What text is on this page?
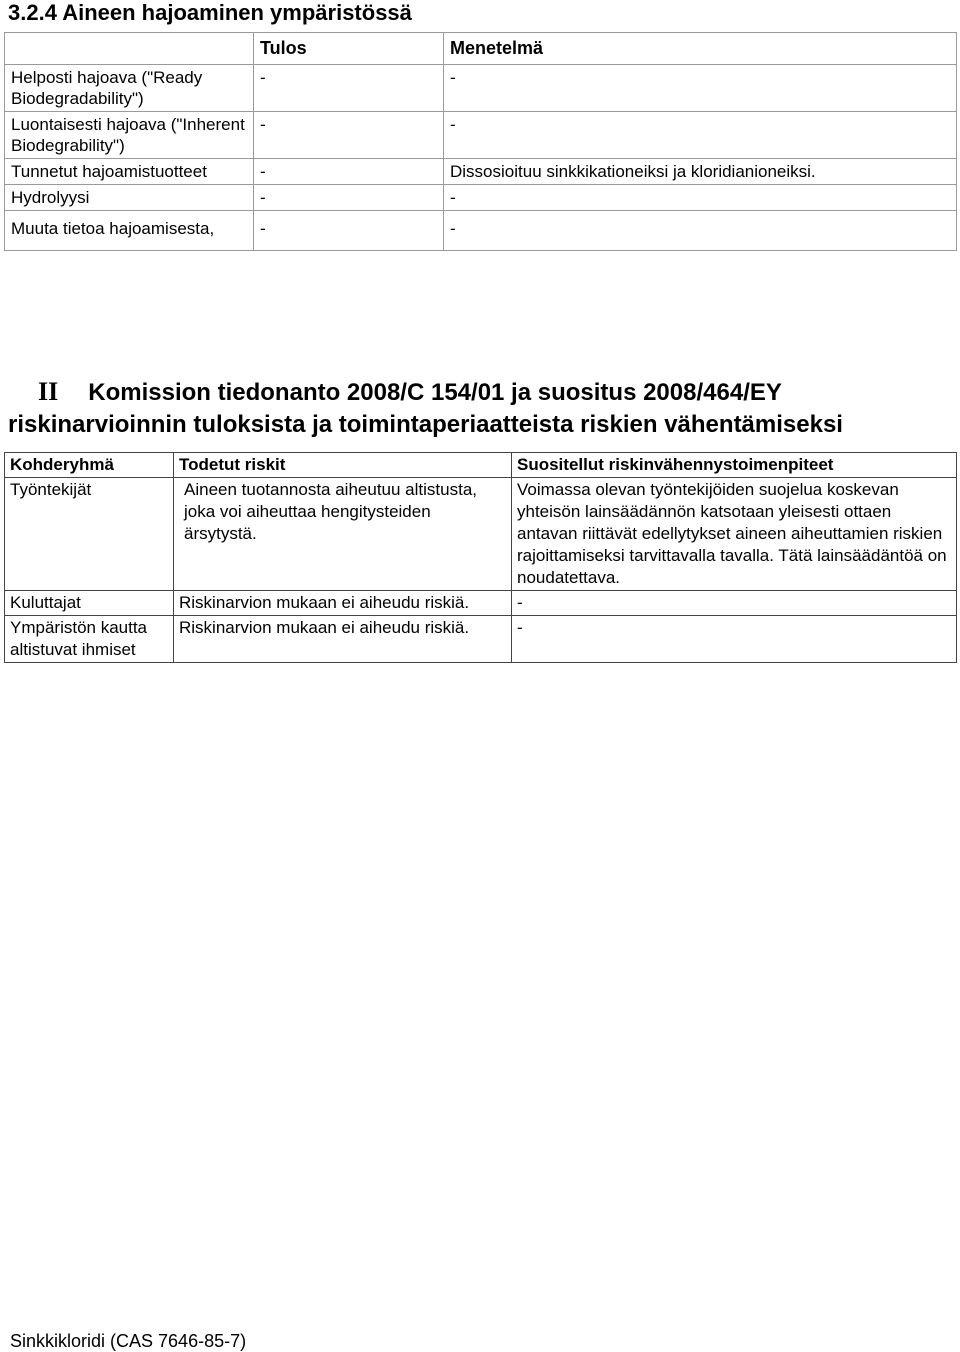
3.2.4 Aineen hajoaminen ympäristössä
	Tulos	Menetelmä
Helposti hajoava ("Ready Biodegradability")	-	-
Luontaisesti hajoava ("Inherent Biodegrability")	-	-
Tunnetut hajoamistuotteet	-	Dissosioituu sinkkikationeiksi ja kloridianioneiksi.
Hydrolyysi	-	-
Muuta tietoa hajoamisesta,	-	-
II Komission tiedonanto 2008/C 154/01 ja suositus 2008/464/EY riskinarvioinnin tuloksista ja toimintaperiaatteista riskien vähentämiseksi
Kohderyhmä	Todetut riskit	Suositellut riskinvähennystoimenpiteet
Työntekijät	Aineen tuotannosta aiheutuu altistusta, joka voi aiheuttaa hengitysteiden ärsytystä.	Voimassa olevan työntekijöiden suojelua koskevan yhteisön lainsäädännön katsotaan yleisesti ottaen antavan riittävät edellytykset aineen aiheuttamien riskien rajoittamiseksi tarvittavalla tavalla. Tätä lainsäädäntöä on noudatettava.
Kuluttajat	Riskinarvion mukaan ei aiheudu riskiä.	-
Ympäristön kautta altistuvat ihmiset	Riskinarvion mukaan ei aiheudu riskiä.	-
Sinkkikloridi (CAS 7646-85-7)
